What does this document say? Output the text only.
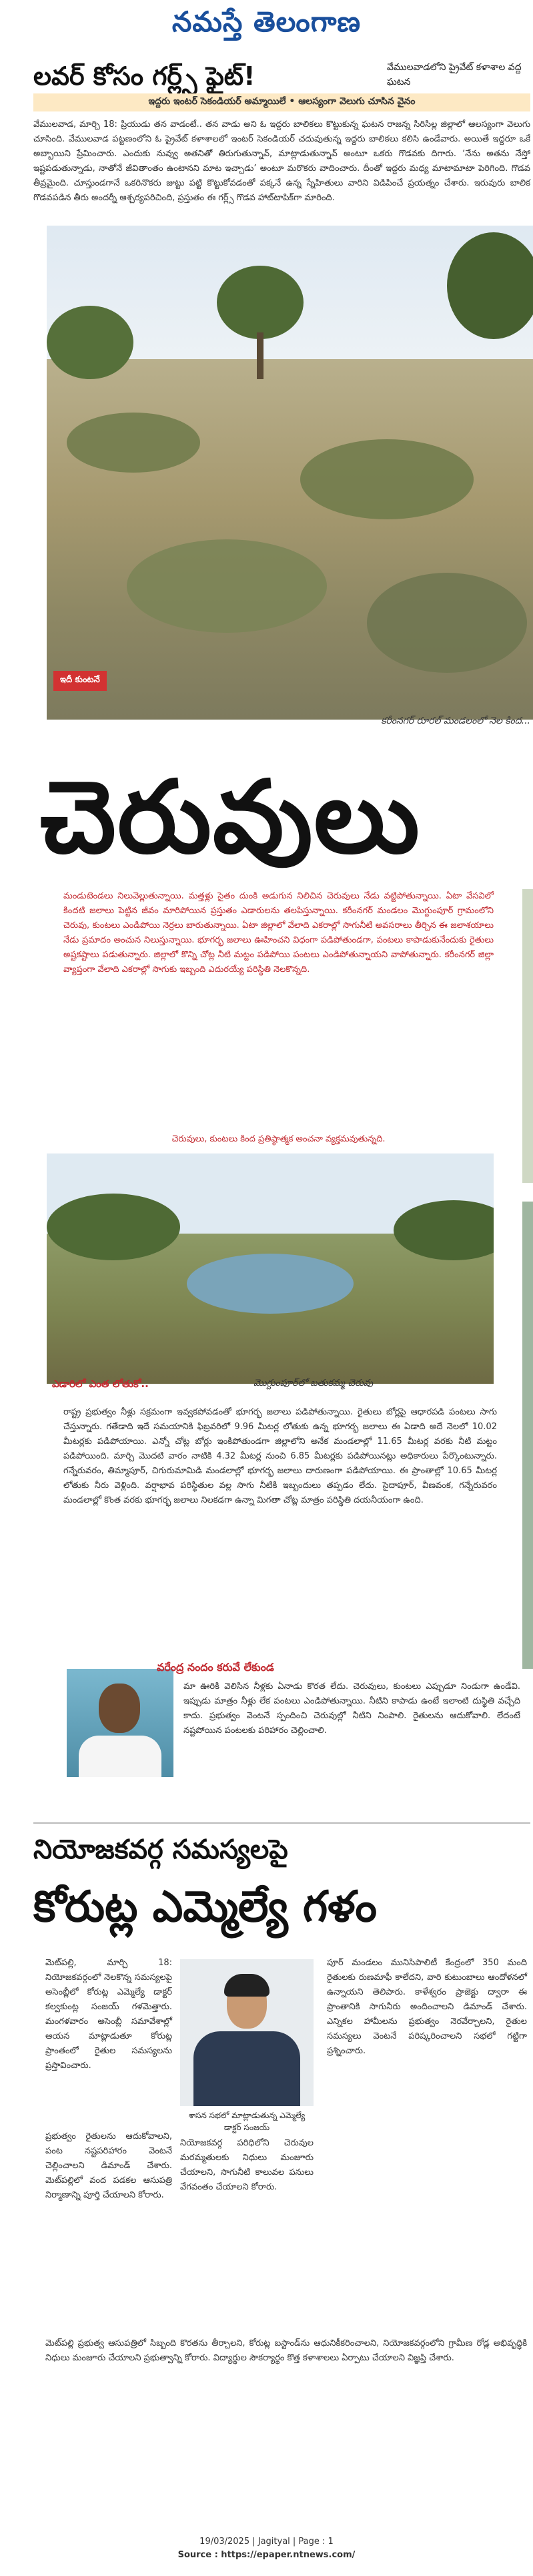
నమస్తే తెలంగాణ
లవర్ కోసం గర్ల్స్ ఫైట్!	వేములవాడలోని ప్రైవేట్ కళాశాల వద్ద ఘటన
ఇద్దరు ఇంటర్ సెకండియర్ అమ్మాయిలే • ఆలస్యంగా వెలుగు చూసిన వైనం
వేములవాడ, మార్చి 18: ప్రియుడు తన వాడంటే.. తన వాడు అని ఓ ఇద్దరు బాలికలు కొట్టుకున్న ఘటన రాజన్న సిరిసిల్ల జిల్లాలో ఆలస్యంగా వెలుగు చూసింది. వేములవాడ పట్టణంలోని ఓ ప్రైవేట్ కళాశాలలో ఇంటర్ సెకండియర్ చదువుతున్న ఇద్దరు బాలికలు కలిసి ఉండేవారు. అయితే ఇద్దరూ ఒకే అబ్బాయిని ప్రేమించారు. ఎందుకు నువ్వు అతనితో తిరుగుతున్నావ్, మాట్లాడుతున్నావ్ అంటూ ఒకరు గొడవకు దిగారు. ‘నేను అతను నేస్తో ఇష్టపడుతున్నాడు, నాతోనే జీవితాంతం ఉంటానని మాట ఇచ్చాడు’ అంటూ మరొకరు వాదించారు. దీంతో ఇద్దరు మధ్య మాటామాటా పెరిగింది. గొడవ తీవ్రమైంది. చూస్తుండగానే ఒకరినొకరు జుట్టు పట్టి కొట్టుకోవడంతో పక్కనే ఉన్న స్నేహితులు వారిని విడిపించే ప్రయత్నం చేశారు. ఇరువురు బాలిక గొడవపడిన తీరు అందర్నీ ఆశ్చర్యపరిచింది, ప్రస్తుతం ఈ గర్ల్స్ గొడవ హాట్‌టాపిక్‌గా మారింది.
ఇదీ కుంటనే
కరీంనగర్ రూరల్ మండలంలో నెల కింద...
చెరువులు
మండుటెండలు నిలువెల్లుతున్నాయి. మత్తళ్లు సైతం దుంకి అడుగున నిలిచిన చెరువులు నేడు వట్టిపోతున్నాయి. ఏటా వేసవిలో కిందటి జలాలు పెట్టిన జీవం మారిపోయిన ప్రస్తుతం ఎడారులను తలపిస్తున్నాయి. కరీంనగర్ మండలం మొగ్దుంపూర్ గ్రామంలోని చెరువు, కుంటలు ఎండిపోయి నెర్రలు బారుతున్నాయి. ఏటా జిల్లాలో వేలాది ఎకరాల్లో సాగునీటి అవసరాలు తీర్చిన ఈ జలాశయాలు నేడు ప్రమాదం అంచున నిలుస్తున్నాయి. భూగర్భ జలాలు ఊహించని విధంగా పడిపోతుండగా, పంటలు కాపాడుకునేందుకు రైతులు అష్టకష్టాలు పడుతున్నారు. జిల్లాలో కొన్ని చోట్ల నీటి మట్టం పడిపోయి పంటలు ఎండిపోతున్నాయని వాపోతున్నారు. కరీంనగర్ జిల్లా వ్యాప్తంగా వేలాది ఎకరాల్లో సాగుకు ఇబ్బంది ఎదురయ్యే పరిస్థితి నెలకొన్నది.
చెరువులు, కుంటలు కింద ప్రతిష్ఠాత్మక అంచనా వ్యక్తమవుతున్నది.
ఎడారిలో ఎంత లోతుకో..	మొగ్దుంపూర్‌లో బతుకమ్మ చెరువు
రాష్ట్ర ప్రభుత్వం నీళ్లు సక్రమంగా ఇవ్వకపోవడంతో భూగర్భ జలాలు పడిపోతున్నాయి. రైతులు బోర్లపై ఆధారపడి పంటలు సాగు చేస్తున్నారు. గతేడాది ఇదే సమయానికి ఫిబ్రవరిలో 9.96 మీటర్ల లోతుకు ఉన్న భూగర్భ జలాలు ఈ ఏడాది అదే నెలలో 10.02 మీటర్లకు పడిపోయాయి. ఎన్నో చోట్ల బోర్లు ఇంకిపోతుండగా జిల్లాలోని అనేక మండలాల్లో 11.65 మీటర్ల వరకు నీటి మట్టం పడిపోయింది. మార్చి మొదటి వారం నాటికి 4.32 మీటర్ల నుంచి 6.85 మీటర్లకు పడిపోయినట్లు అధికారులు పేర్కొంటున్నారు. గన్నేరువరం, తిమ్మాపూర్, చిగురుమామిడి మండలాల్లో భూగర్భ జలాలు దారుణంగా పడిపోయాయి. ఈ ప్రాంతాల్లో 10.65 మీటర్ల లోతుకు నీరు వెళ్లింది. వర్షాభావ పరిస్థితుల వల్ల సాగు నీటికి ఇబ్బందులు తప్పడం లేదు. సైదాపూర్, వీణవంక, గన్నేరువరం మండలాల్లో కొంత వరకు భూగర్భ జలాలు నిలకడగా ఉన్నా మిగతా చోట్ల మాత్రం పరిస్థితి దయనీయంగా ఉంది.
వరేంద్ర నందం కరువే లేకుండ
మా ఊరికి వెలిసిన నీళ్లకు ఏనాడు కొరత లేదు. చెరువులు, కుంటలు ఎప్పుడూ నిండుగా ఉండేవి. ఇప్పుడు మాత్రం నీళ్లు లేక పంటలు ఎండిపోతున్నాయి. నీటిని కాపాడు ఉంటే ఇలాంటి దుస్థితి వచ్చేది కాదు. ప్రభుత్వం వెంటనే స్పందించి చెరువుల్లో నీటిని నింపాలి. రైతులను ఆదుకోవాలి. లేదంటే నష్టపోయిన పంటలకు పరిహారం చెల్లించాలి.
నియోజకవర్గ సమస్యలపై
కోరుట్ల ఎమ్మెల్యే గళం
మెట్‌పల్లి, మార్చి 18: నియోజకవర్గంలో నెలకొన్న సమస్యలపై అసెంబ్లీలో కోరుట్ల ఎమ్మెల్యే డాక్టర్ కల్వకుంట్ల సంజయ్ గళమెత్తారు. మంగళవారం అసెంబ్లీ సమావేశాల్లో ఆయన మాట్లాడుతూ కోరుట్ల ప్రాంతంలో రైతుల సమస్యలను ప్రస్తావించారు.
శాసన సభలో మాట్లాడుతున్న ఎమ్మెల్యే డాక్టర్ సంజయ్
నియోజకవర్గ పరిధిలోని చెరువుల మరమ్మతులకు నిధులు మంజూరు చేయాలని, సాగునీటి కాలువల పనులు వేగవంతం చేయాలని కోరారు.
పూర్ మండలం మునిసిపాలిటీ కేంద్రంలో 350 మంది రైతులకు రుణమాఫీ కాలేదని, వారి కుటుంబాలు ఆందోళనలో ఉన్నాయని తెలిపారు. కాళేశ్వరం ప్రాజెక్టు ద్వారా ఈ ప్రాంతానికి సాగునీరు అందించాలని డిమాండ్ చేశారు. ఎన్నికల హామీలను ప్రభుత్వం నెరవేర్చాలని, రైతుల సమస్యలు వెంటనే పరిష్కరించాలని సభలో గట్టిగా ప్రశ్నించారు.
ప్రభుత్వం రైతులను ఆదుకోవాలని, పంట నష్టపరిహారం వెంటనే చెల్లించాలని డిమాండ్ చేశారు. మెట్‌పల్లిలో వంద పడకల ఆసుపత్రి నిర్మాణాన్ని పూర్తి చేయాలని కోరారు.
మెట్‌పల్లి ప్రభుత్వ ఆసుపత్రిలో సిబ్బంది కొరతను తీర్చాలని, కోరుట్ల బస్టాండ్‌ను ఆధునికీకరించాలని, నియోజకవర్గంలోని గ్రామీణ రోడ్ల అభివృద్ధికి నిధులు మంజూరు చేయాలని ప్రభుత్వాన్ని కోరారు. విద్యార్థుల సౌకర్యార్థం కొత్త కళాశాలలు ఏర్పాటు చేయాలని విజ్ఞప్తి చేశారు.
19/03/2025 | Jagityal | Page : 1
Source : https://epaper.ntnews.com/
